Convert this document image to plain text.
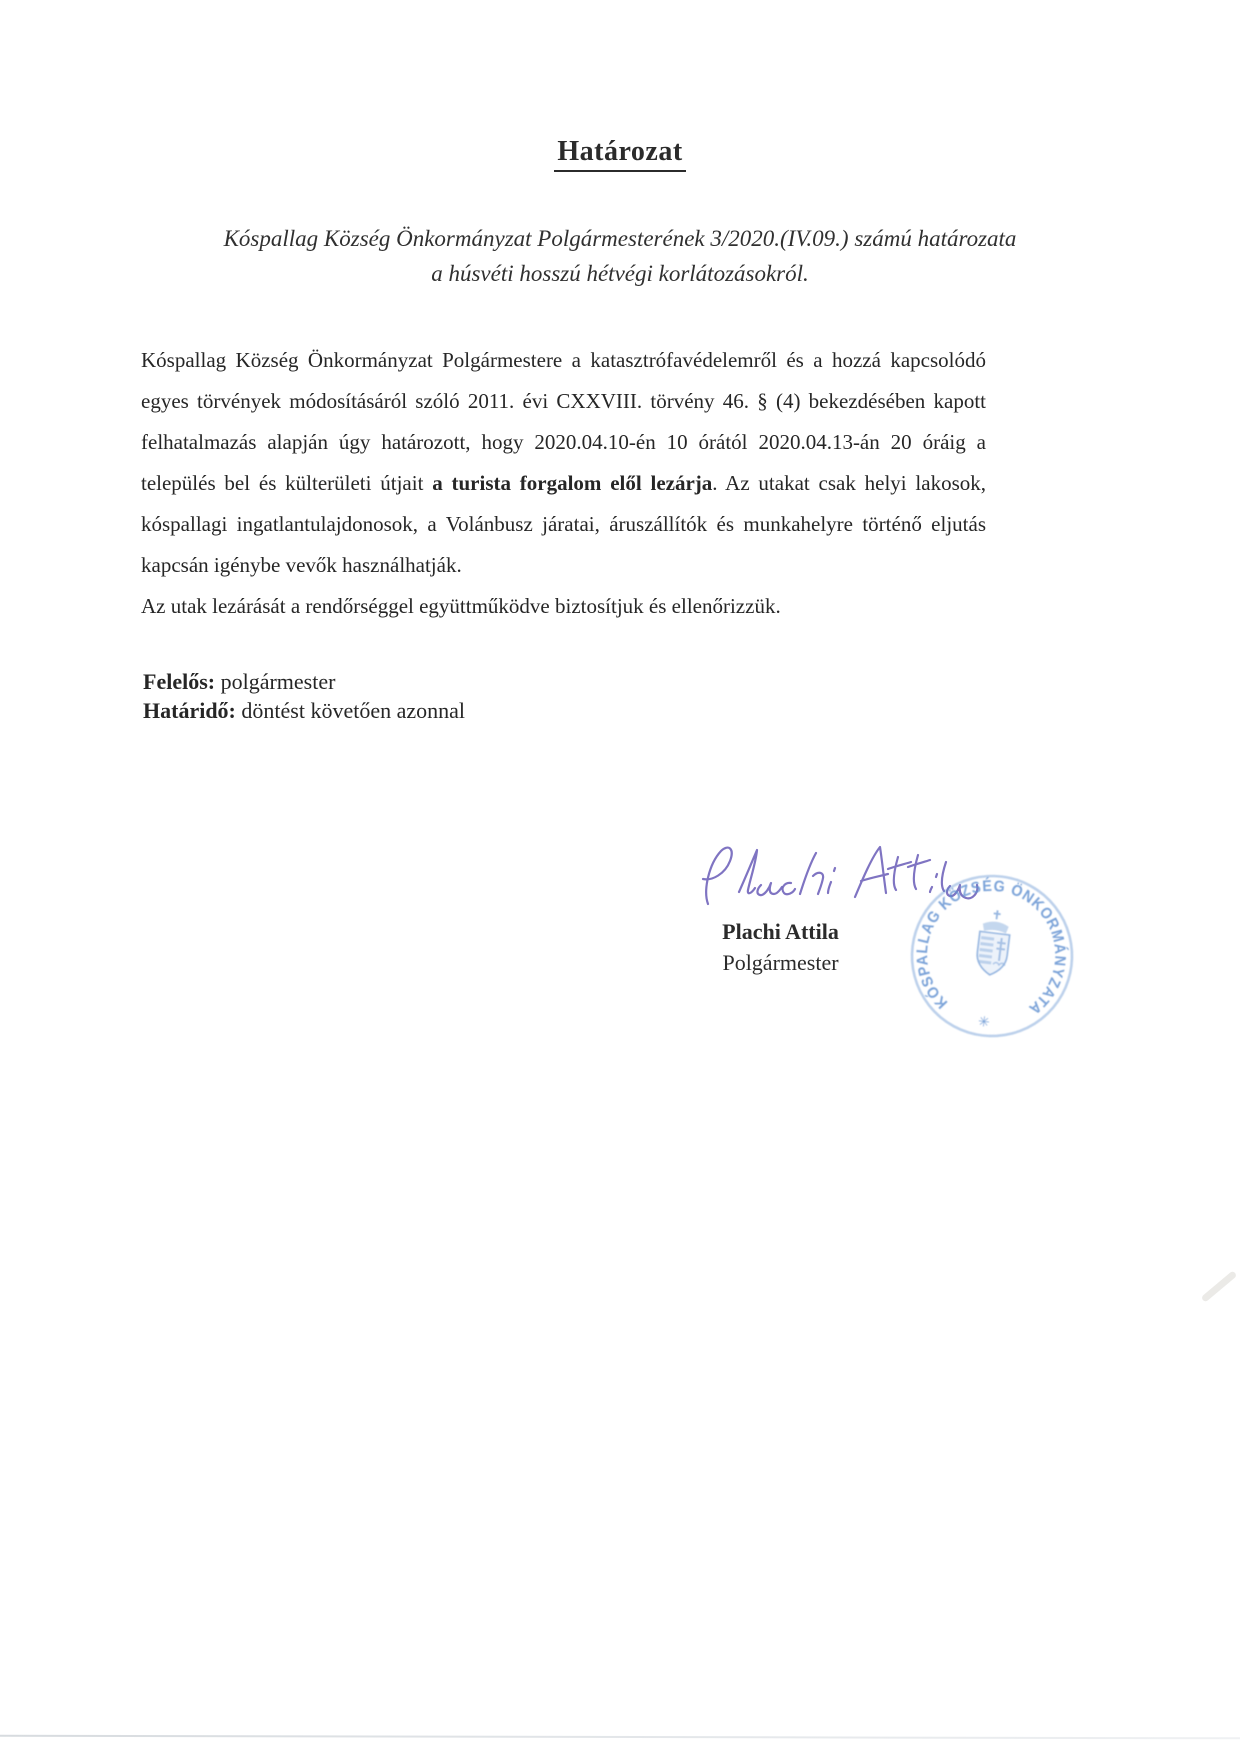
Határozat
Kóspallag Község Önkormányzat Polgármesterének 3/2020.(IV.09.) számú határozata
a húsvéti hosszú hétvégi korlátozásokról.
Kóspallag Község Önkormányzat Polgármestere a katasztrófavédelemről és a hozzá kapcsolódó
egyes törvények módosításáról szóló 2011. évi CXXVIII. törvény 46. § (4) bekezdésében kapott
felhatalmazás alapján úgy határozott, hogy 2020.04.10-én 10 órától 2020.04.13-án 20 óráig a
település bel és külterületi útjait a turista forgalom elől lezárja. Az utakat csak helyi lakosok,
kóspallagi ingatlantulajdonosok, a Volánbusz járatai, áruszállítók és munkahelyre történő eljutás
kapcsán igénybe vevők használhatják.
Az utak lezárását a rendőrséggel együttműködve biztosítjuk és ellenőrizzük.
Felelős: polgármester
Határidő: döntést követően azonnal
Plachi Attila
Polgármester
KÓSPALLAG KÖZSÉG ÖNKORMÁNYZATA
✳
